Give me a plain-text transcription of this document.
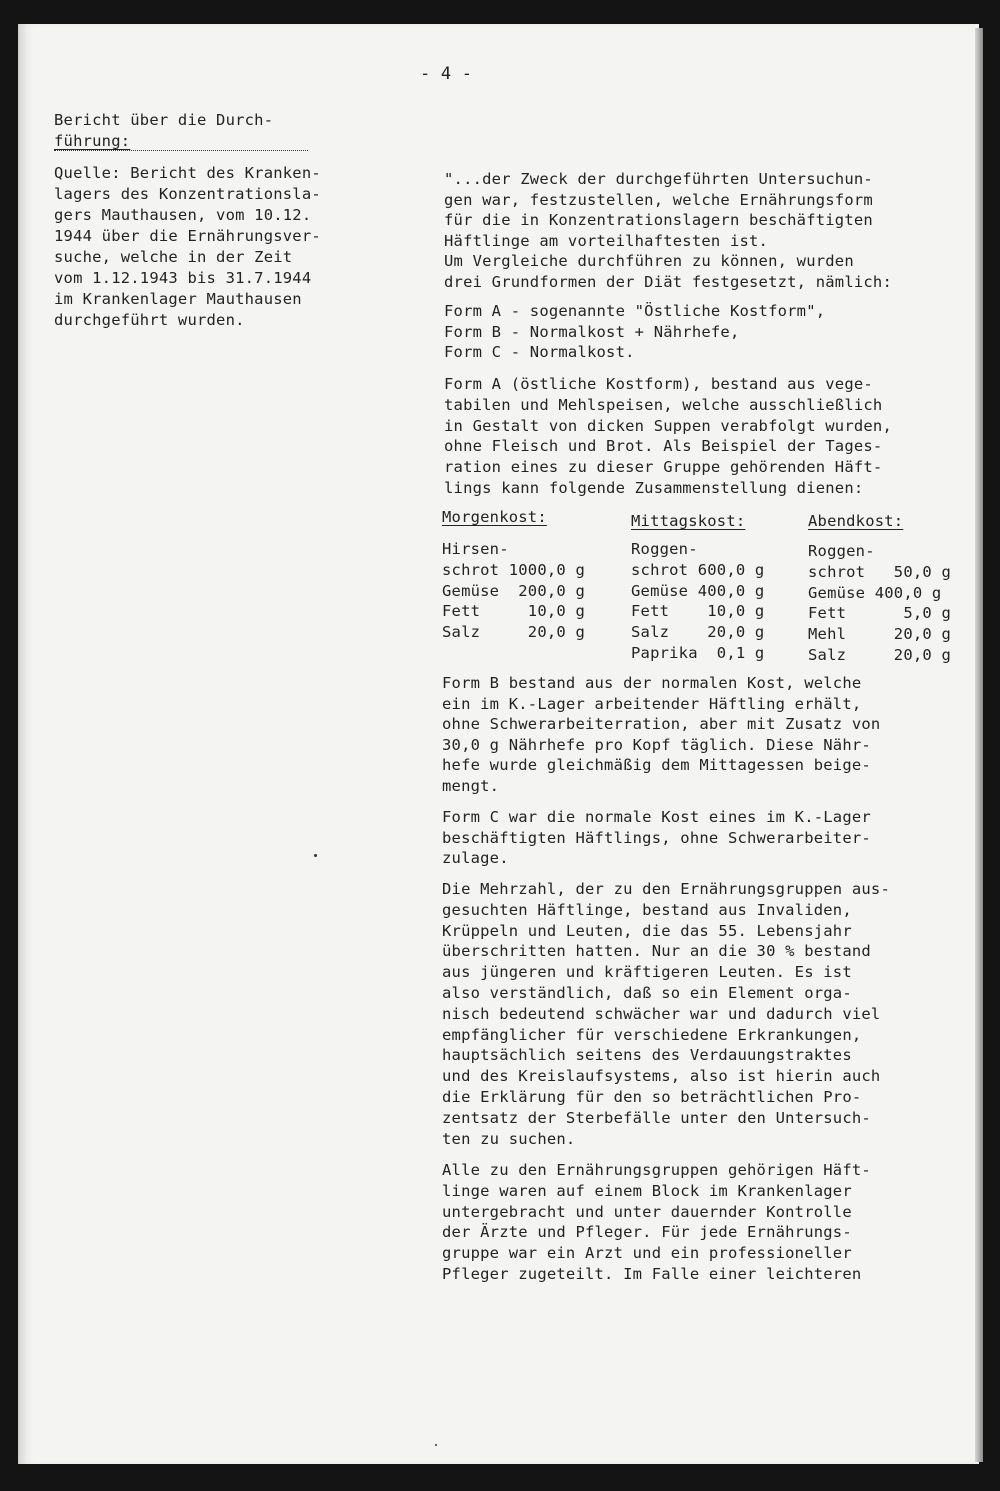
- 4 -
Bericht über die Durch-
führung:
Quelle: Bericht des Kranken-
lagers des Konzentrationsla-
gers Mauthausen, vom 10.12.
1944 über die Ernährungsver-
suche, welche in der Zeit
vom 1.12.1943 bis 31.7.1944
im Krankenlager Mauthausen
durchgeführt wurden.
"...der Zweck der durchgeführten Untersuchun-
gen war, festzustellen, welche Ernährungsform
für die in Konzentrationslagern beschäftigten
Häftlinge am vorteilhaftesten ist.
Um Vergleiche durchführen zu können, wurden
drei Grundformen der Diät festgesetzt, nämlich:
Form A - sogenannte "Östliche Kostform",
Form B - Normalkost + Nährhefe,
Form C - Normalkost.
Form A (östliche Kostform), bestand aus vege-
tabilen und Mehlspeisen, welche ausschließlich
in Gestalt von dicken Suppen verabfolgt wurden,
ohne Fleisch und Brot. Als Beispiel der Tages-
ration eines zu dieser Gruppe gehörenden Häft-
lings kann folgende Zusammenstellung dienen:
Hirsen-
schrot 1000,0 g
Gemüse  200,0 g
Fett     10,0 g
Salz     20,0 g
Roggen-
schrot 600,0 g
Gemüse 400,0 g
Fett    10,0 g
Salz    20,0 g
Paprika  0,1 g
Roggen-
schrot   50,0 g
Gemüse 400,0 g
Fett      5,0 g
Mehl     20,0 g
Salz     20,0 g
Form B bestand aus der normalen Kost, welche
ein im K.-Lager arbeitender Häftling erhält,
ohne Schwerarbeiterration, aber mit Zusatz von
30,0 g Nährhefe pro Kopf täglich. Diese Nähr-
hefe wurde gleichmäßig dem Mittagessen beige-
mengt.
Form C war die normale Kost eines im K.-Lager
beschäftigten Häftlings, ohne Schwerarbeiter-
zulage.
Die Mehrzahl, der zu den Ernährungsgruppen aus-
gesuchten Häftlinge, bestand aus Invaliden,
Krüppeln und Leuten, die das 55. Lebensjahr
überschritten hatten. Nur an die 30 % bestand
aus jüngeren und kräftigeren Leuten. Es ist
also verständlich, daß so ein Element orga-
nisch bedeutend schwächer war und dadurch viel
empfänglicher für verschiedene Erkrankungen,
hauptsächlich seitens des Verdauungstraktes
und des Kreislaufsystems, also ist hierin auch
die Erklärung für den so beträchtlichen Pro-
zentsatz der Sterbefälle unter den Untersuch-
ten zu suchen.
Alle zu den Ernährungsgruppen gehörigen Häft-
linge waren auf einem Block im Krankenlager
untergebracht und unter dauernder Kontrolle
der Ärzte und Pfleger. Für jede Ernährungs-
gruppe war ein Arzt und ein professioneller
Pfleger zugeteilt. Im Falle einer leichteren
Morgenkost:	Mittagskost:	Abendkost:
